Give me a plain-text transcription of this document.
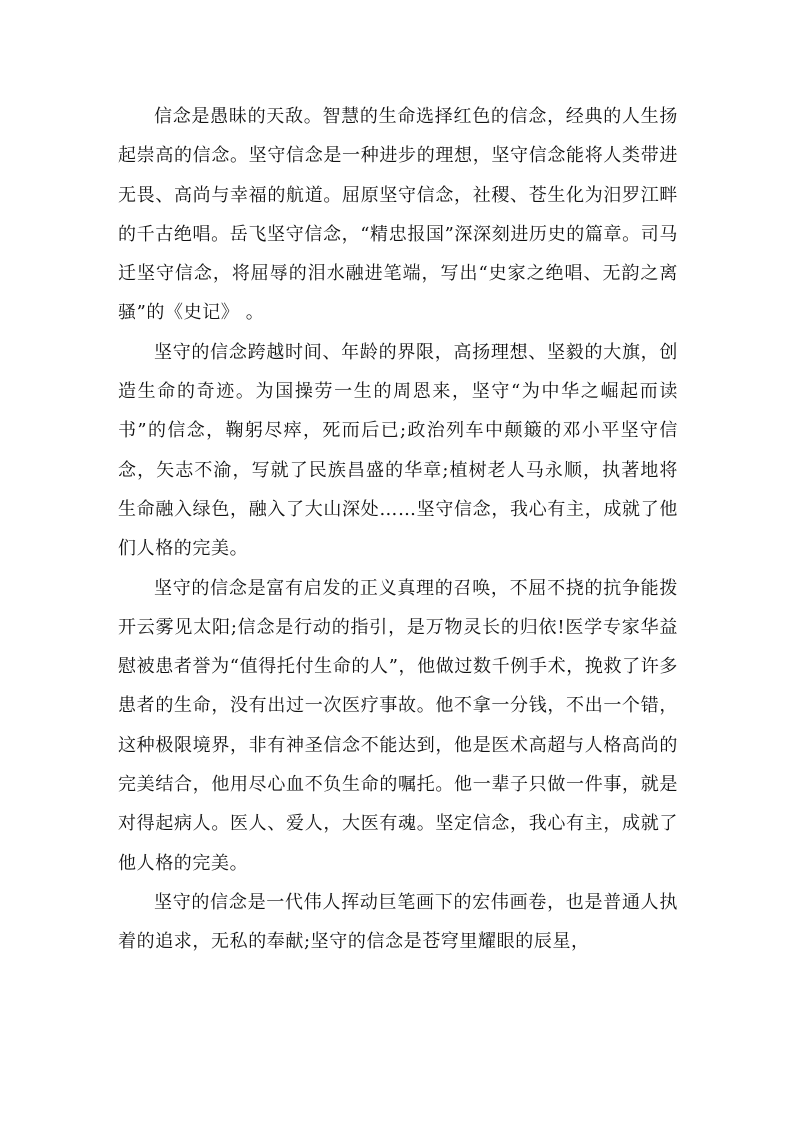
信念是愚昧的天敌。智慧的生命选择红色的信念，经典的人生扬起崇高的信念。坚守信念是一种进步的理想，坚守信念能将人类带进无畏、高尚与幸福的航道。屈原坚守信念，社稷、苍生化为汨罗江畔的千古绝唱。岳飞坚守信念，“精忠报国”深深刻进历史的篇章。司马迁坚守信念，将屈辱的泪水融进笔端，写出“史家之绝唱、无韵之离骚”的《史记》 。

坚守的信念跨越时间、年龄的界限，高扬理想、坚毅的大旗，创造生命的奇迹。为国操劳一生的周恩来，坚守“为中华之崛起而读书”的信念，鞠躬尽瘁，死而后已;政治列车中颠簸的邓小平坚守信念，矢志不渝，写就了民族昌盛的华章;植树老人马永顺，执著地将生命融入绿色，融入了大山深处……坚守信念，我心有主，成就了他们人格的完美。

坚守的信念是富有启发的正义真理的召唤，不屈不挠的抗争能拨开云雾见太阳;信念是行动的指引，是万物灵长的归依!医学专家华益慰被患者誉为“值得托付生命的人”，他做过数千例手术，挽救了许多患者的生命，没有出过一次医疗事故。他不拿一分钱，不出一个错，这种极限境界，非有神圣信念不能达到，他是医术高超与人格高尚的完美结合，他用尽心血不负生命的嘱托。他一辈子只做一件事，就是对得起病人。医人、爱人，大医有魂。坚定信念，我心有主，成就了他人格的完美。

坚守的信念是一代伟人挥动巨笔画下的宏伟画卷，也是普通人执着的追求，无私的奉献;坚守的信念是苍穹里耀眼的辰星，
